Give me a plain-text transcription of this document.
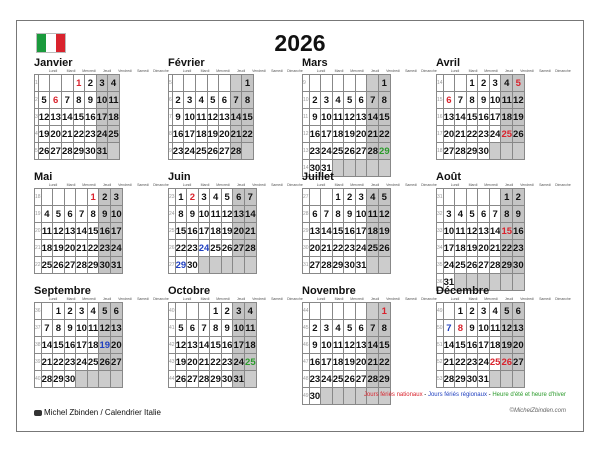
2026
Janvier
Lundi	Mardi	Mercredi	Jeudi	Vendredi	Samedi	Dimanche
1				1	2	3	4
2	5	6	7	8	9	10	11
3	12	13	14	15	16	17	18
4	19	20	21	22	23	24	25
5	26	27	28	29	30	31	
Février
Lundi	Mardi	Mercredi	Jeudi	Vendredi	Samedi	Dimanche
5							1
6	2	3	4	5	6	7	8
7	9	10	11	12	13	14	15
8	16	17	18	19	20	21	22
9	23	24	25	26	27	28	
Mars
Lundi	Mardi	Mercredi	Jeudi	Vendredi	Samedi	Dimanche
9							1
10	2	3	4	5	6	7	8
11	9	10	11	12	13	14	15
12	16	17	18	19	20	21	22
13	23	24	25	26	27	28	29
14	30	31					
Avril
Lundi	Mardi	Mercredi	Jeudi	Vendredi	Samedi	Dimanche
14			1	2	3	4	5
15	6	7	8	9	10	11	12
16	13	14	15	16	17	18	19
17	20	21	22	23	24	25	26
18	27	28	29	30			
Mai
Lundi	Mardi	Mercredi	Jeudi	Vendredi	Samedi	Dimanche
18					1	2	3
19	4	5	6	7	8	9	10
20	11	12	13	14	15	16	17
21	18	19	20	21	22	23	24
22	25	26	27	28	29	30	31
Juin
Lundi	Mardi	Mercredi	Jeudi	Vendredi	Samedi	Dimanche
23	1	2	3	4	5	6	7
24	8	9	10	11	12	13	14
25	15	16	17	18	19	20	21
26	22	23	24	25	26	27	28
27	29	30					
Juillet
Lundi	Mardi	Mercredi	Jeudi	Vendredi	Samedi	Dimanche
27			1	2	3	4	5
28	6	7	8	9	10	11	12
29	13	14	15	16	17	18	19
30	20	21	22	23	24	25	26
31	27	28	29	30	31		
Août
Lundi	Mardi	Mercredi	Jeudi	Vendredi	Samedi	Dimanche
31						1	2
32	3	4	5	6	7	8	9
33	10	11	12	13	14	15	16
34	17	18	19	20	21	22	23
35	24	25	26	27	28	29	30
36	31						
Septembre
Lundi	Mardi	Mercredi	Jeudi	Vendredi	Samedi	Dimanche
36		1	2	3	4	5	6
37	7	8	9	10	11	12	13
38	14	15	16	17	18	19	20
39	21	22	23	24	25	26	27
40	28	29	30				
Octobre
Lundi	Mardi	Mercredi	Jeudi	Vendredi	Samedi	Dimanche
40				1	2	3	4
41	5	6	7	8	9	10	11
42	12	13	14	15	16	17	18
43	19	20	21	22	23	24	25
44	26	27	28	29	30	31	
Novembre
Lundi	Mardi	Mercredi	Jeudi	Vendredi	Samedi	Dimanche
44							1
45	2	3	4	5	6	7	8
46	9	10	11	12	13	14	15
47	16	17	18	19	20	21	22
48	23	24	25	26	27	28	29
49	30						
Décembre
Lundi	Mardi	Mercredi	Jeudi	Vendredi	Samedi	Dimanche
49		1	2	3	4	5	6
50	7	8	9	10	11	12	13
51	14	15	16	17	18	19	20
52	21	22	23	24	25	26	27
53	28	29	30	31			
Jours fériés nationaux - Jours fériés régionaux - Heure d'été et heure d'hiver
Michel Zbinden / Calendrier Italie	©MichelZbinden.com
